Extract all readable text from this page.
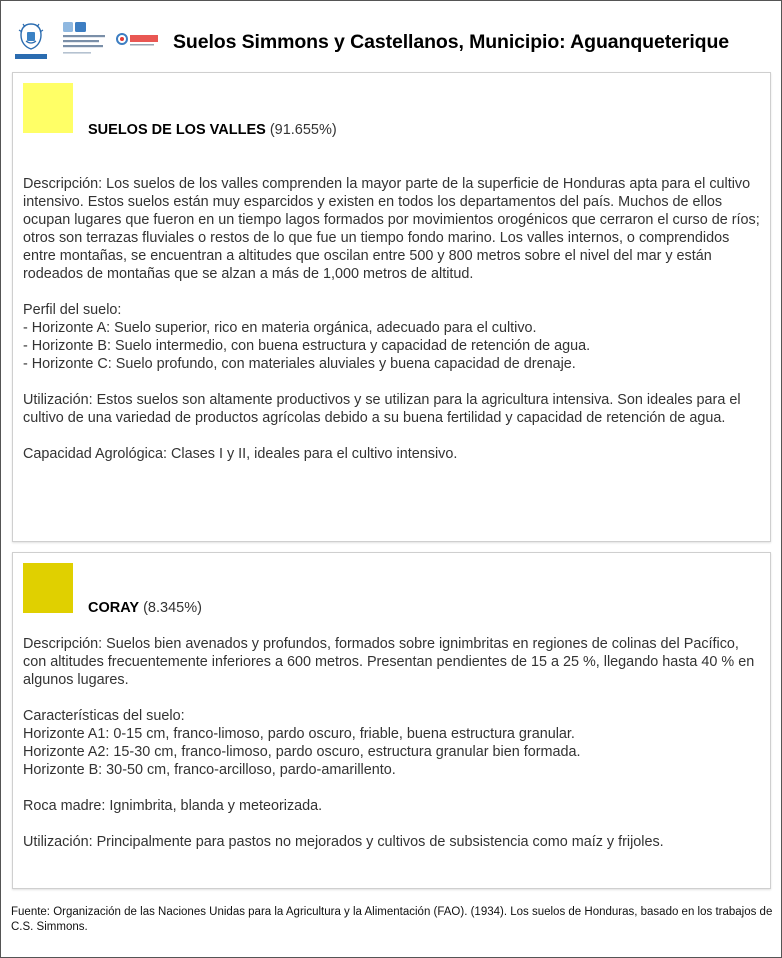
Suelos Simmons y Castellanos, Municipio: Aguanqueterique
SUELOS DE LOS VALLES (91.655%)

Descripción: Los suelos de los valles comprenden la mayor parte de la superficie de Honduras apta para el cultivo intensivo. Estos suelos están muy esparcidos y existen en todos los departamentos del país. Muchos de ellos ocupan lugares que fueron en un tiempo lagos formados por movimientos orogénicos que cerraron el curso de ríos; otros son terrazas fluviales o restos de lo que fue un tiempo fondo marino. Los valles internos, o comprendidos entre montañas, se encuentran a altitudes que oscilan entre 500 y 800 metros sobre el nivel del mar y están rodeados de montañas que se alzan a más de 1,000 metros de altitud.

Perfil del suelo:
- Horizonte A: Suelo superior, rico en materia orgánica, adecuado para el cultivo.
- Horizonte B: Suelo intermedio, con buena estructura y capacidad de retención de agua.
- Horizonte C: Suelo profundo, con materiales aluviales y buena capacidad de drenaje.

Utilización: Estos suelos son altamente productivos y se utilizan para la agricultura intensiva. Son ideales para el cultivo de una variedad de productos agrícolas debido a su buena fertilidad y capacidad de retención de agua.

Capacidad Agrológica: Clases I y II, ideales para el cultivo intensivo.

CORAY (8.345%)

Descripción: Suelos bien avenados y profundos, formados sobre ignimbritas en regiones de colinas del Pacífico, con altitudes frecuentemente inferiores a 600 metros. Presentan pendientes de 15 a 25 %, llegando hasta 40 % en algunos lugares.

Características del suelo:
Horizonte A1: 0-15 cm, franco-limoso, pardo oscuro, friable, buena estructura granular.
Horizonte A2: 15-30 cm, franco-limoso, pardo oscuro, estructura granular bien formada.
Horizonte B: 30-50 cm, franco-arcilloso, pardo-amarillento.

Roca madre: Ignimbrita, blanda y meteorizada.

Utilización: Principalmente para pastos no mejorados y cultivos de subsistencia como maíz y frijoles.

Fuente: Organización de las Naciones Unidas para la Agricultura y la Alimentación (FAO). (1934). Los suelos de Honduras, basado en los trabajos de C.S. Simmons.
